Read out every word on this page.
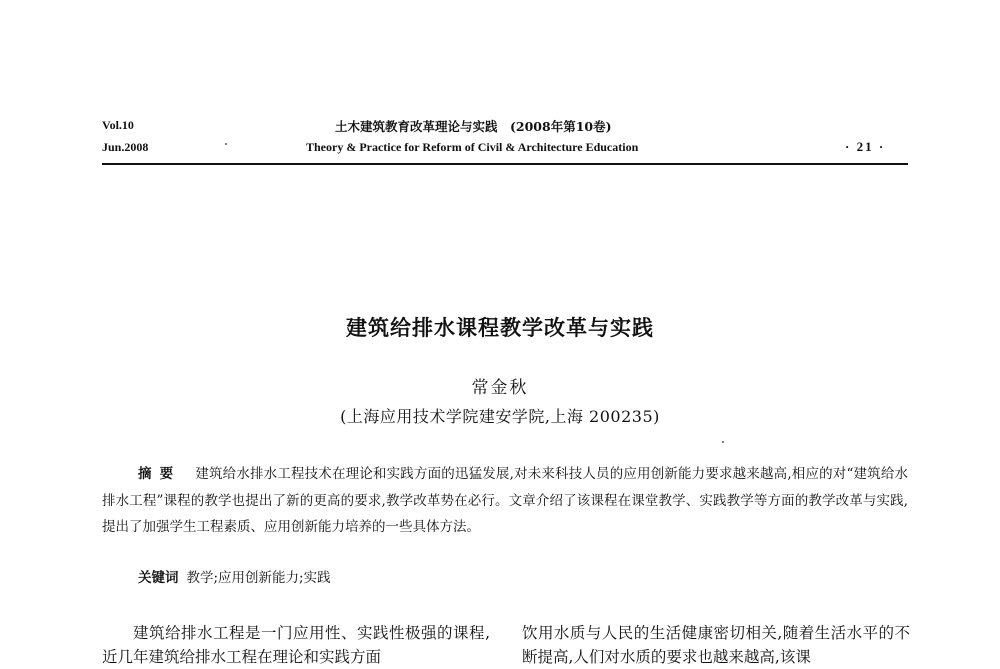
Vol.10
Jun.2008
土木建筑教育改革理论与实践　(2008年第10卷)
Theory & Practice for Reform of Civil & Architecture Education	· 21 ·
建筑给排水课程教学改革与实践
常金秋
(上海应用技术学院建安学院,上海 200235)
摘要 建筑给水排水工程技术在理论和实践方面的迅猛发展,对未来科技人员的应用创新能力要求越来越高,相应的对“建筑给水排水工程”课程的教学也提出了新的更高的要求,教学改革势在必行。文章介绍了该课程在课堂教学、实践教学等方面的教学改革与实践,提出了加强学生工程素质、应用创新能力培养的一些具体方法。
关键词 教学;应用创新能力;实践

建筑给排水工程是一门应用性、实践性极强的课程,近几年建筑给排水工程在理论和实践方面

饮用水质与人民的生活健康密切相关,随着生活水平的不断提高,人们对水质的要求也越来越高,该课
